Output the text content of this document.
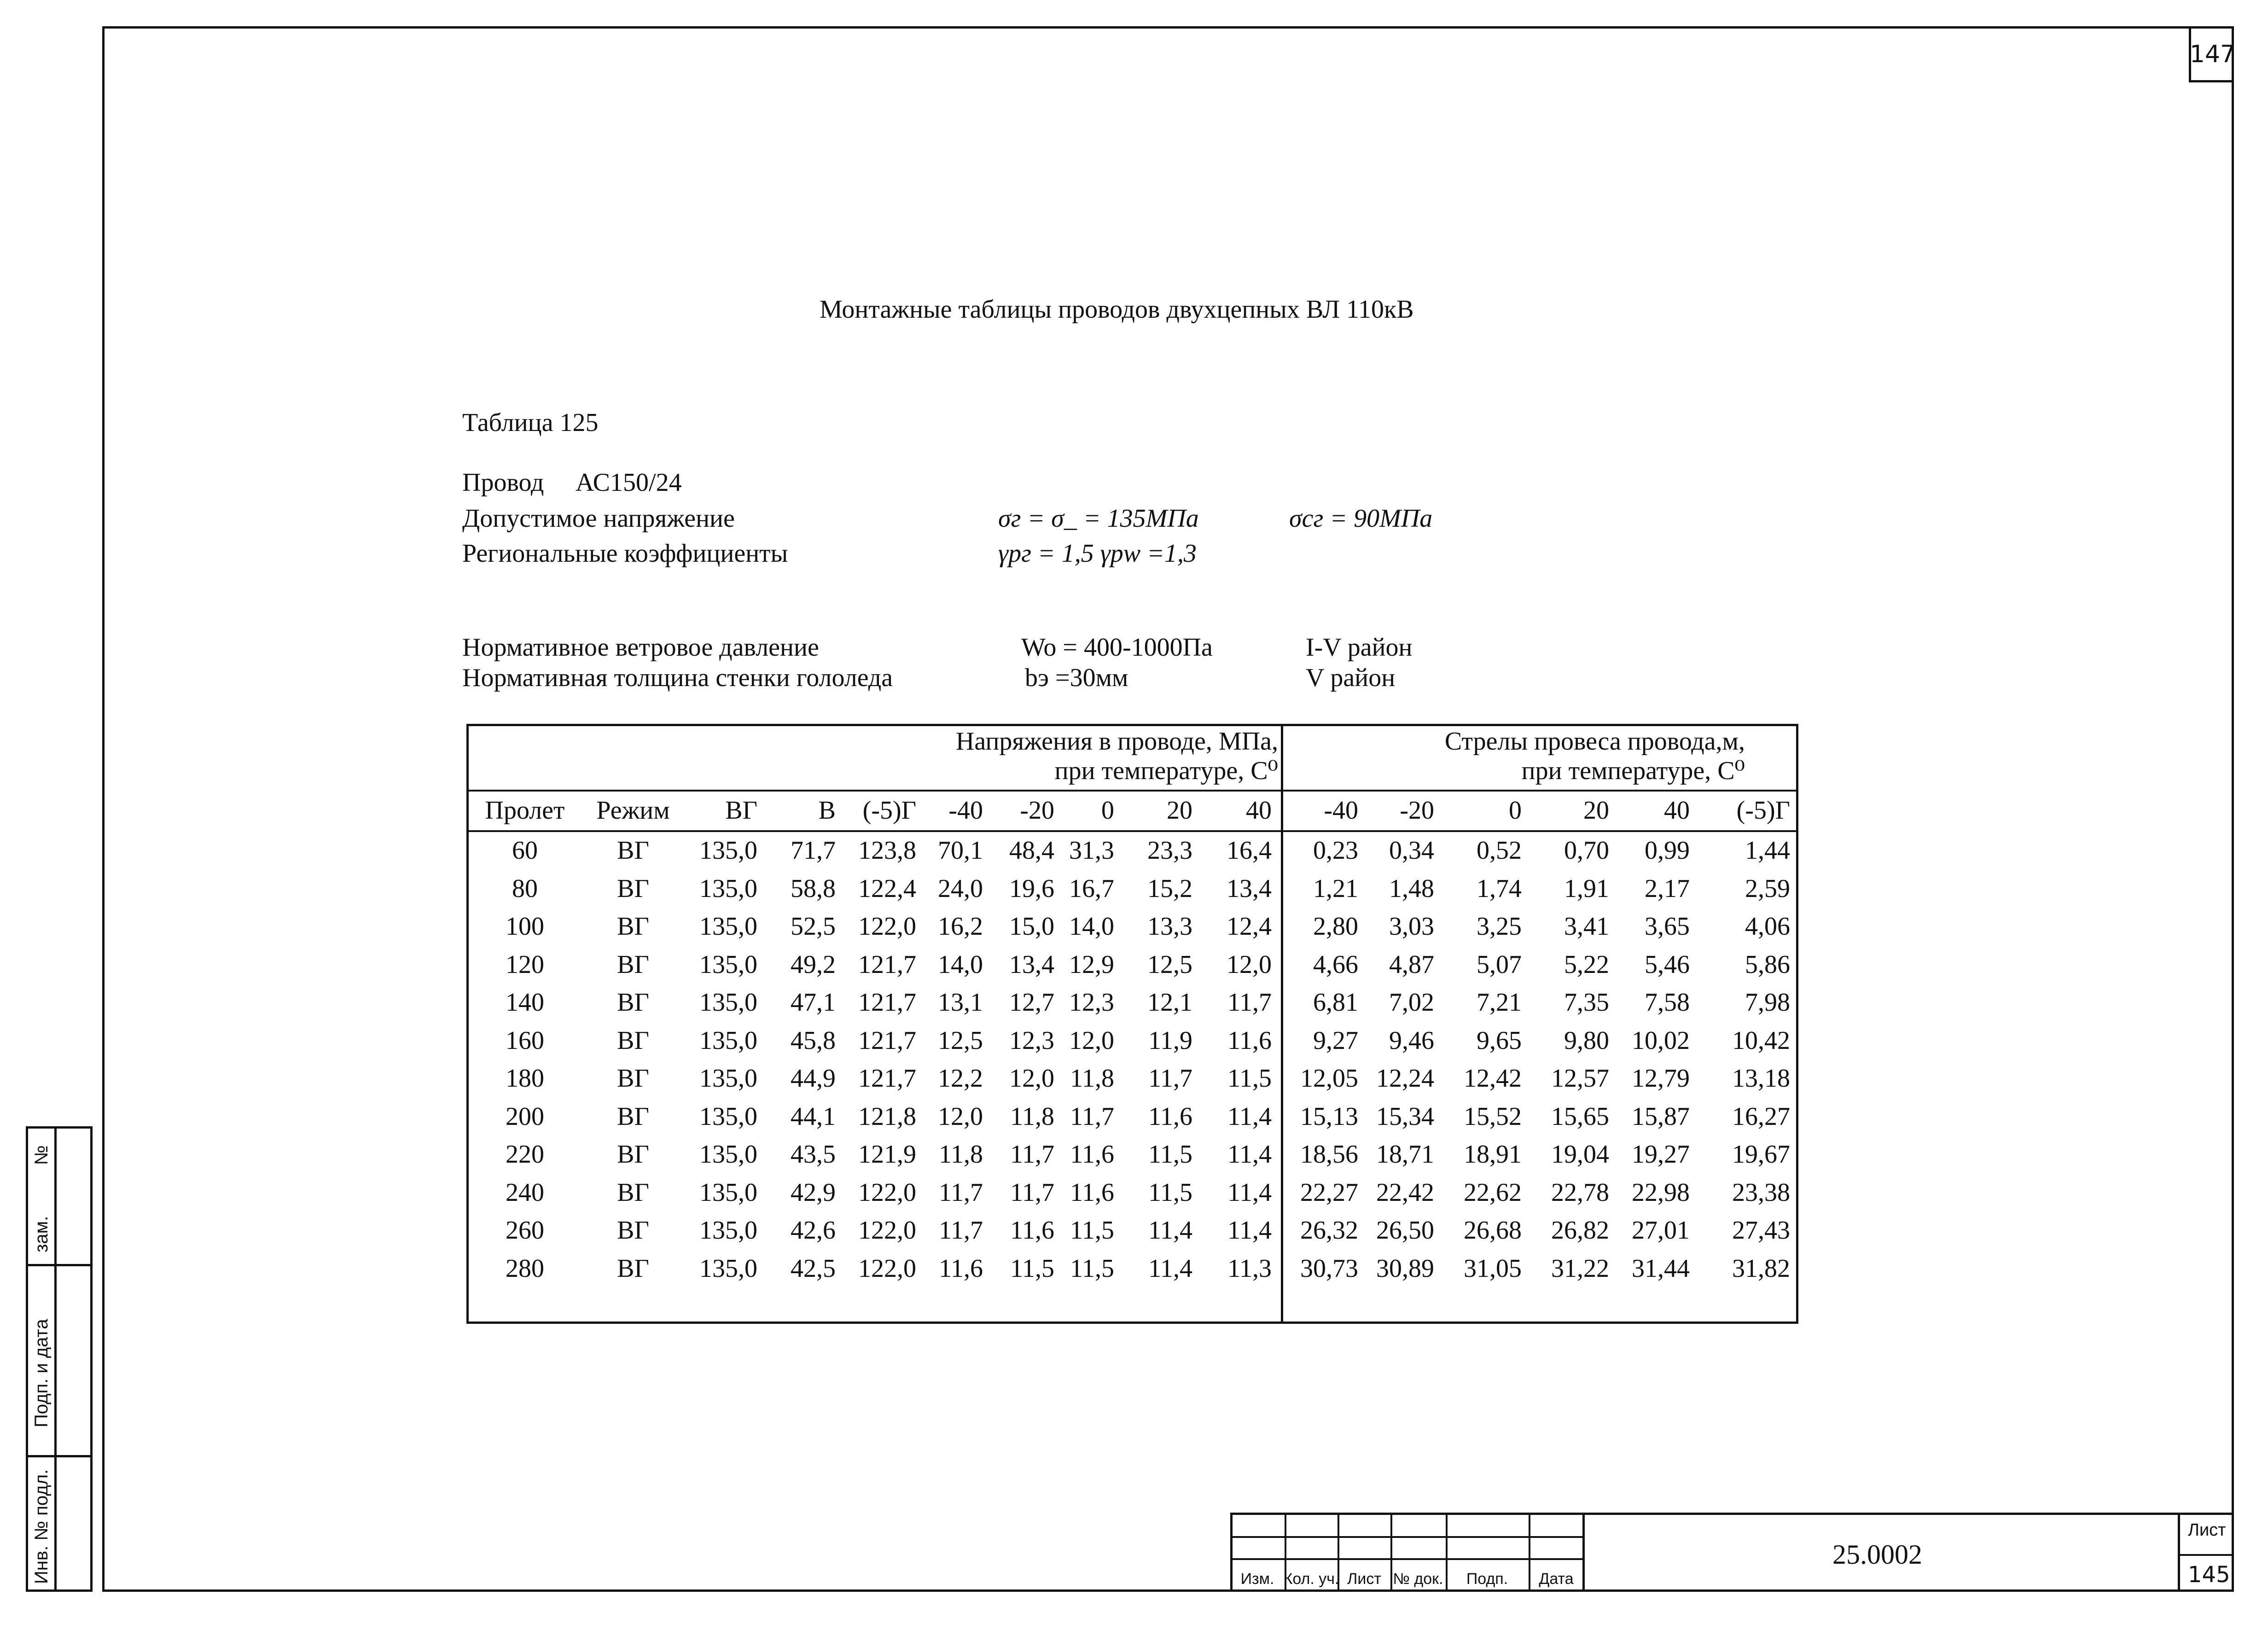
147
Монтажные таблицы проводов двухцепных ВЛ 110кВ
Таблица 125
Провод АС150/24
Допустимое напряжение	σг = σ_ = 135МПа	σсг = 90МПа
Региональные коэффициенты	γрг = 1,5 γpw =1,3
Нормативное ветровое давление	Wo = 400-1000Па	I-V район
Нормативная толщина стенки гололеда	bэ =30мм	V район
Напряжения в проводе, МПа,
при температуре, С⁰
Стрелы провеса провода,м,
при температуре, С⁰
Пролет	Режим	ВГ	В	(-5)Г	-40	-20	0	20	40	-40	-20	0	20	40	(-5)Г
60	ВГ	135,0	71,7 123,8 70,1	48,4 31,3	23,3	16,4	0,23	0,34	0,52	0,70	0,99	1,44
80	ВГ	135,0	58,8 122,4 24,0	19,6 16,7	15,2	13,4	1,21	1,48	1,74	1,91	2,17	2,59
100	ВГ	135,0	52,5 122,0 16,2	15,0 14,0	13,3	12,4	2,80	3,03	3,25	3,41	3,65	4,06
120	ВГ	135,0	49,2 121,7 14,0	13,4 12,9	12,5	12,0	4,66	4,87	5,07	5,22	5,46	5,86
140	ВГ	135,0	47,1 121,7 13,1	12,7 12,3	12,1	11,7	6,81	7,02	7,21	7,35	7,58	7,98
160	ВГ	135,0	45,8 121,7 12,5	12,3 12,0	11,9	11,6	9,27	9,46	9,65	9,80 10,02	10,42
180	ВГ	135,0	44,9 121,7 12,2	12,0 11,8	11,7	11,5	12,05 12,24	12,42	12,57 12,79	13,18
200	ВГ	135,0	44,1 121,8 12,0	11,8 11,7	11,6	11,4	15,13 15,34	15,52	15,65 15,87	16,27
220	ВГ	135,0	43,5 121,9 11,8	11,7 11,6	11,5	11,4	18,56 18,71	18,91	19,04 19,27	19,67
240	ВГ	135,0	42,9 122,0 11,7	11,7 11,6	11,5	11,4	22,27 22,42	22,62	22,78 22,98	23,38
260	ВГ	135,0	42,6 122,0 11,7	11,6 11,5	11,4	11,4	26,32 26,50	26,68	26,82 27,01	27,43
280	ВГ	135,0	42,5 122,0 11,6	11,5 11,5	11,4	11,3	30,73 30,89	31,05	31,22 31,44	31,82
№
зам.
Подп. и дата
Инв. № подл.	Изм. Кол. уч. Лист № док.	Подп.	Дата
25.0002
Лист
145
